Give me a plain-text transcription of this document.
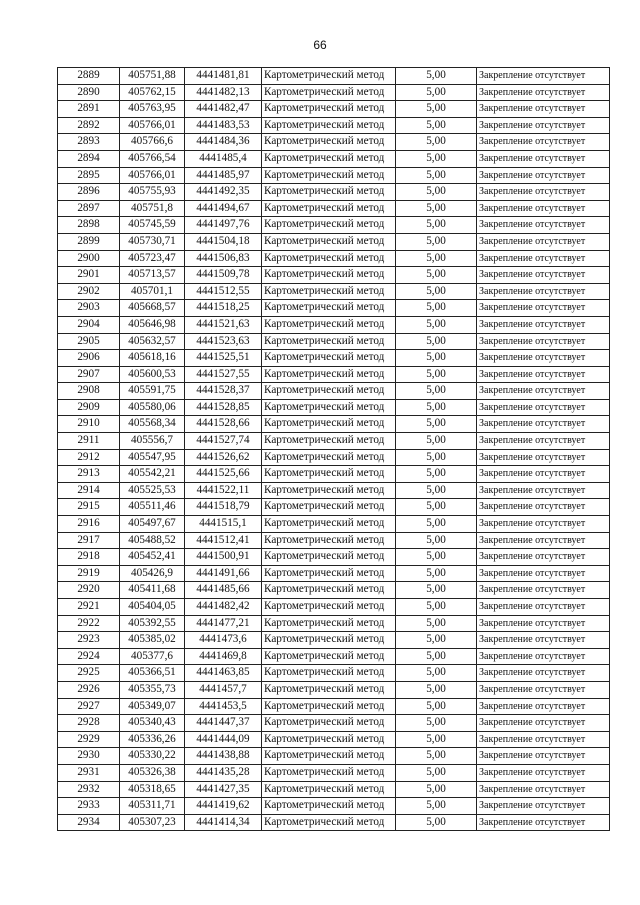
66
2889	405751,88	4441481,81	Картометрический метод	5,00	Закрепление отсутствует
2890	405762,15	4441482,13	Картометрический метод	5,00	Закрепление отсутствует
2891	405763,95	4441482,47	Картометрический метод	5,00	Закрепление отсутствует
2892	405766,01	4441483,53	Картометрический метод	5,00	Закрепление отсутствует
2893	405766,6	4441484,36	Картометрический метод	5,00	Закрепление отсутствует
2894	405766,54	4441485,4	Картометрический метод	5,00	Закрепление отсутствует
2895	405766,01	4441485,97	Картометрический метод	5,00	Закрепление отсутствует
2896	405755,93	4441492,35	Картометрический метод	5,00	Закрепление отсутствует
2897	405751,8	4441494,67	Картометрический метод	5,00	Закрепление отсутствует
2898	405745,59	4441497,76	Картометрический метод	5,00	Закрепление отсутствует
2899	405730,71	4441504,18	Картометрический метод	5,00	Закрепление отсутствует
2900	405723,47	4441506,83	Картометрический метод	5,00	Закрепление отсутствует
2901	405713,57	4441509,78	Картометрический метод	5,00	Закрепление отсутствует
2902	405701,1	4441512,55	Картометрический метод	5,00	Закрепление отсутствует
2903	405668,57	4441518,25	Картометрический метод	5,00	Закрепление отсутствует
2904	405646,98	4441521,63	Картометрический метод	5,00	Закрепление отсутствует
2905	405632,57	4441523,63	Картометрический метод	5,00	Закрепление отсутствует
2906	405618,16	4441525,51	Картометрический метод	5,00	Закрепление отсутствует
2907	405600,53	4441527,55	Картометрический метод	5,00	Закрепление отсутствует
2908	405591,75	4441528,37	Картометрический метод	5,00	Закрепление отсутствует
2909	405580,06	4441528,85	Картометрический метод	5,00	Закрепление отсутствует
2910	405568,34	4441528,66	Картометрический метод	5,00	Закрепление отсутствует
2911	405556,7	4441527,74	Картометрический метод	5,00	Закрепление отсутствует
2912	405547,95	4441526,62	Картометрический метод	5,00	Закрепление отсутствует
2913	405542,21	4441525,66	Картометрический метод	5,00	Закрепление отсутствует
2914	405525,53	4441522,11	Картометрический метод	5,00	Закрепление отсутствует
2915	405511,46	4441518,79	Картометрический метод	5,00	Закрепление отсутствует
2916	405497,67	4441515,1	Картометрический метод	5,00	Закрепление отсутствует
2917	405488,52	4441512,41	Картометрический метод	5,00	Закрепление отсутствует
2918	405452,41	4441500,91	Картометрический метод	5,00	Закрепление отсутствует
2919	405426,9	4441491,66	Картометрический метод	5,00	Закрепление отсутствует
2920	405411,68	4441485,66	Картометрический метод	5,00	Закрепление отсутствует
2921	405404,05	4441482,42	Картометрический метод	5,00	Закрепление отсутствует
2922	405392,55	4441477,21	Картометрический метод	5,00	Закрепление отсутствует
2923	405385,02	4441473,6	Картометрический метод	5,00	Закрепление отсутствует
2924	405377,6	4441469,8	Картометрический метод	5,00	Закрепление отсутствует
2925	405366,51	4441463,85	Картометрический метод	5,00	Закрепление отсутствует
2926	405355,73	4441457,7	Картометрический метод	5,00	Закрепление отсутствует
2927	405349,07	4441453,5	Картометрический метод	5,00	Закрепление отсутствует
2928	405340,43	4441447,37	Картометрический метод	5,00	Закрепление отсутствует
2929	405336,26	4441444,09	Картометрический метод	5,00	Закрепление отсутствует
2930	405330,22	4441438,88	Картометрический метод	5,00	Закрепление отсутствует
2931	405326,38	4441435,28	Картометрический метод	5,00	Закрепление отсутствует
2932	405318,65	4441427,35	Картометрический метод	5,00	Закрепление отсутствует
2933	405311,71	4441419,62	Картометрический метод	5,00	Закрепление отсутствует
2934	405307,23	4441414,34	Картометрический метод	5,00	Закрепление отсутствует
